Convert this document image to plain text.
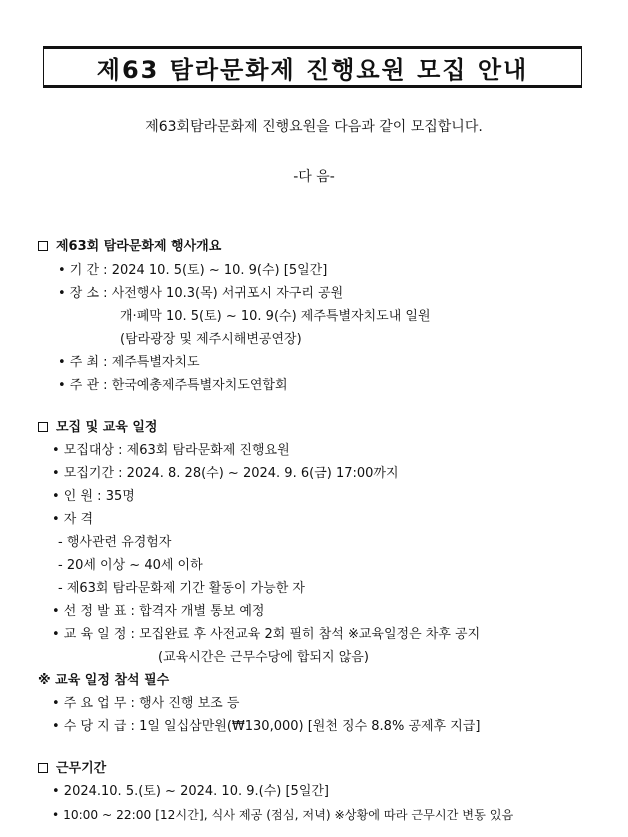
제63 탐라문화제 진행요원 모집 안내
제63회탐라문화제 진행요원을 다음과 같이 모집합니다.
-다 음-
제63회 탐라문화제 행사개요
• 기 간 : 2024 10. 5(토) ~ 10. 9(수) [5일간]
• 장 소 : 사전행사 10.3(목) 서귀포시 자구리 공원
개·폐막 10. 5(토) ~ 10. 9(수) 제주특별자치도내 일원
(탐라광장 및 제주시해변공연장)
• 주 최 : 제주특별자치도
• 주 관 : 한국예총제주특별자치도연합회
모집 및 교육 일정
• 모집대상 : 제63회 탐라문화제 진행요원
• 모집기간 : 2024. 8. 28(수) ~ 2024. 9. 6(금) 17:00까지
• 인 원 : 35명
• 자 격
- 행사관련 유경험자
- 20세 이상 ~ 40세 이하
- 제63회 탐라문화제 기간 활동이 가능한 자
• 선 정 발 표 : 합격자 개별 통보 예정
• 교 육 일 정 : 모집완료 후 사전교육 2회 필히 참석 ※교육일정은 차후 공지
(교육시간은 근무수당에 합되지 않음)
※ 교육 일정 참석 필수
• 주 요 업 무 : 행사 진행 보조 등
• 수 당 지 급 : 1일 일십삼만원(₩130,000) [원천 징수 8.8% 공제후 지급]
근무기간
• 2024.10. 5.(토) ~ 2024. 10. 9.(수) [5일간]
• 10:00 ~ 22:00 [12시간], 식사 제공 (점심, 저녁) ※상황에 따라 근무시간 변동 있음
